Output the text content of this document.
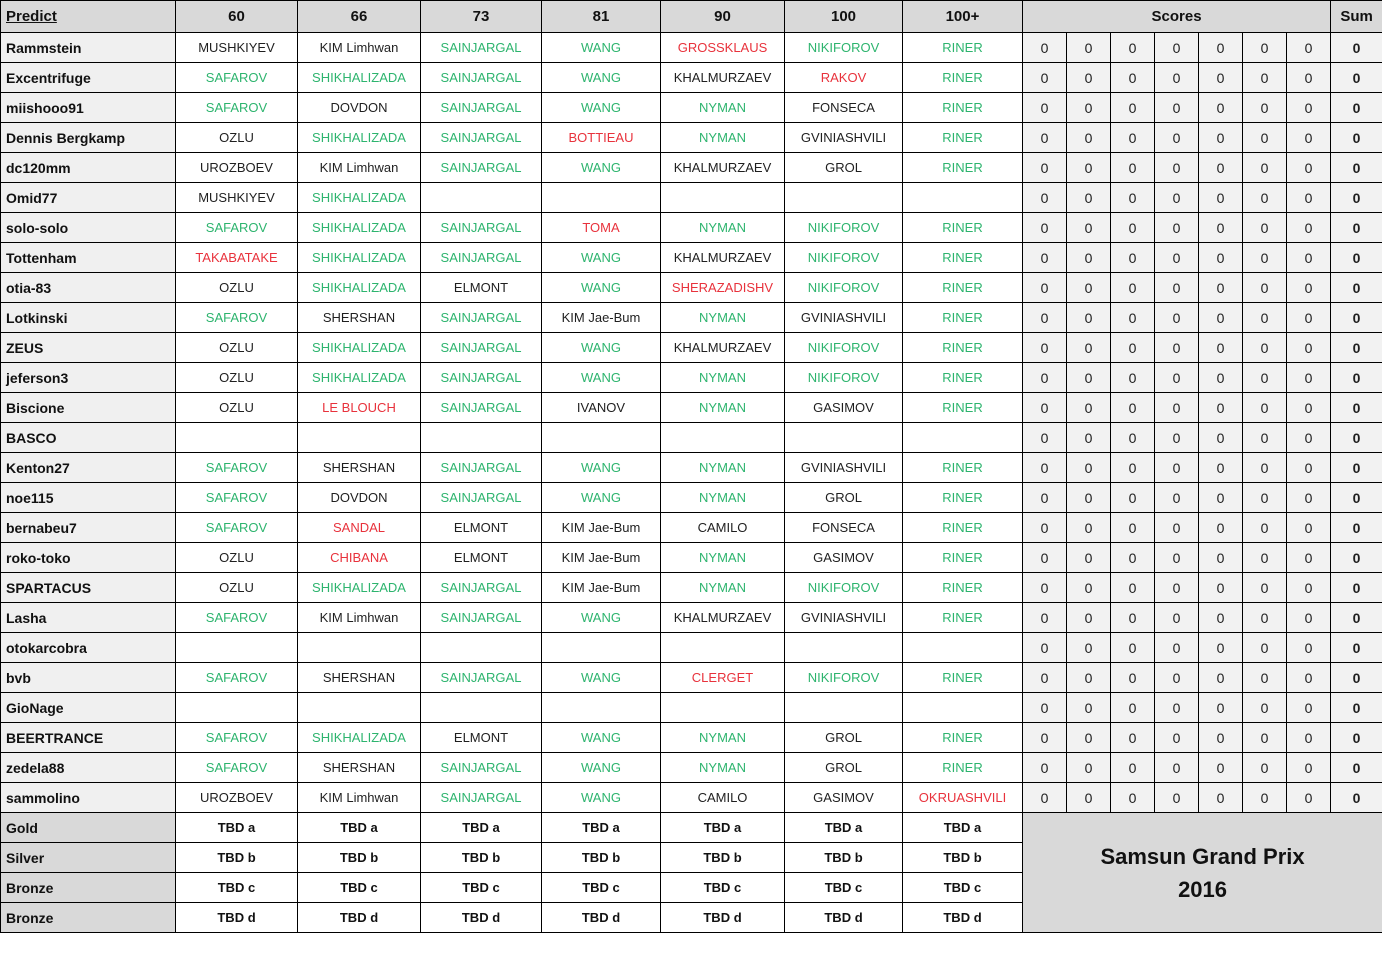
Predict	60	66	73	81	90	100	100+	Scores							Sum
Rammstein	MUSHKIYEV	KIM Limhwan	SAINJARGAL	WANG	GROSSKLAUS	NIKIFOROV	RINER	0	0	0	0	0	0	0	0
Excentrifuge	SAFAROV	SHIKHALIZADA	SAINJARGAL	WANG	KHALMURZAEV	RAKOV	RINER	0	0	0	0	0	0	0	0
miishooo91	SAFAROV	DOVDON	SAINJARGAL	WANG	NYMAN	FONSECA	RINER	0	0	0	0	0	0	0	0
Dennis Bergkamp	OZLU	SHIKHALIZADA	SAINJARGAL	BOTTIEAU	NYMAN	GVINIASHVILI	RINER	0	0	0	0	0	0	0	0
dc120mm	UROZBOEV	KIM Limhwan	SAINJARGAL	WANG	KHALMURZAEV	GROL	RINER	0	0	0	0	0	0	0	0
Omid77	MUSHKIYEV	SHIKHALIZADA						0	0	0	0	0	0	0	0
solo-solo	SAFAROV	SHIKHALIZADA	SAINJARGAL	TOMA	NYMAN	NIKIFOROV	RINER	0	0	0	0	0	0	0	0
Tottenham	TAKABATAKE	SHIKHALIZADA	SAINJARGAL	WANG	KHALMURZAEV	NIKIFOROV	RINER	0	0	0	0	0	0	0	0
otia-83	OZLU	SHIKHALIZADA	ELMONT	WANG	SHERAZADISHV	NIKIFOROV	RINER	0	0	0	0	0	0	0	0
Lotkinski	SAFAROV	SHERSHAN	SAINJARGAL	KIM Jae-Bum	NYMAN	GVINIASHVILI	RINER	0	0	0	0	0	0	0	0
ZEUS	OZLU	SHIKHALIZADA	SAINJARGAL	WANG	KHALMURZAEV	NIKIFOROV	RINER	0	0	0	0	0	0	0	0
jeferson3	OZLU	SHIKHALIZADA	SAINJARGAL	WANG	NYMAN	NIKIFOROV	RINER	0	0	0	0	0	0	0	0
Biscione	OZLU	LE BLOUCH	SAINJARGAL	IVANOV	NYMAN	GASIMOV	RINER	0	0	0	0	0	0	0	0
BASCO								0	0	0	0	0	0	0	0
Kenton27	SAFAROV	SHERSHAN	SAINJARGAL	WANG	NYMAN	GVINIASHVILI	RINER	0	0	0	0	0	0	0	0
noe115	SAFAROV	DOVDON	SAINJARGAL	WANG	NYMAN	GROL	RINER	0	0	0	0	0	0	0	0
bernabeu7	SAFAROV	SANDAL	ELMONT	KIM Jae-Bum	CAMILO	FONSECA	RINER	0	0	0	0	0	0	0	0
roko-toko	OZLU	CHIBANA	ELMONT	KIM Jae-Bum	NYMAN	GASIMOV	RINER	0	0	0	0	0	0	0	0
SPARTACUS	OZLU	SHIKHALIZADA	SAINJARGAL	KIM Jae-Bum	NYMAN	NIKIFOROV	RINER	0	0	0	0	0	0	0	0
Lasha	SAFAROV	KIM Limhwan	SAINJARGAL	WANG	KHALMURZAEV	GVINIASHVILI	RINER	0	0	0	0	0	0	0	0
otokarcobra								0	0	0	0	0	0	0	0
bvb	SAFAROV	SHERSHAN	SAINJARGAL	WANG	CLERGET	NIKIFOROV	RINER	0	0	0	0	0	0	0	0
GioNage								0	0	0	0	0	0	0	0
BEERTRANCE	SAFAROV	SHIKHALIZADA	ELMONT	WANG	NYMAN	GROL	RINER	0	0	0	0	0	0	0	0
zedela88	SAFAROV	SHERSHAN	SAINJARGAL	WANG	NYMAN	GROL	RINER	0	0	0	0	0	0	0	0
sammolino	UROZBOEV	KIM Limhwan	SAINJARGAL	WANG	CAMILO	GASIMOV	OKRUASHVILI	0	0	0	0	0	0	0	0
Gold	TBD a	TBD a	TBD a	TBD a	TBD a	TBD a	TBD a	Samsun Grand Prix
2016							

Silver	TBD b	TBD b	TBD b	TBD b	TBD b	TBD b	TBD b								
Bronze	TBD c	TBD c	TBD c	TBD c	TBD c	TBD c	TBD c								
Bronze	TBD d	TBD d	TBD d	TBD d	TBD d	TBD d	TBD d								
